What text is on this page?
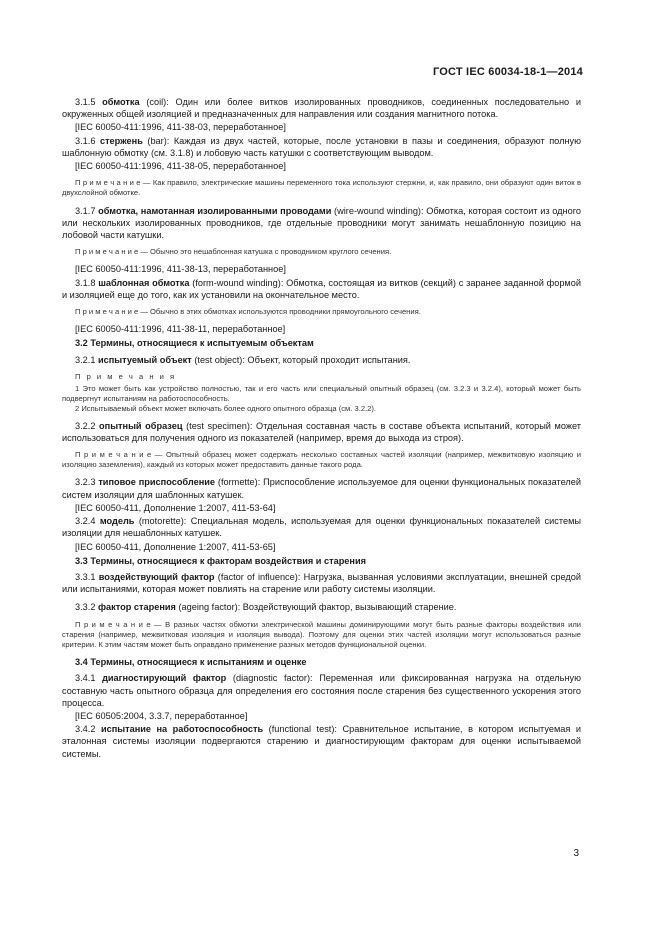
ГОСТ IEC 60034-18-1—2014

3.1.5 обмотка (coil): Один или более витков изолированных проводников, соединенных последовательно и окруженных общей изоляцией и предназначенных для направления или создания магнитного потока.

[IEC 60050-411:1996, 411-38-03, переработанное]

3.1.6 стержень (bar): Каждая из двух частей, которые, после установки в пазы и соединения, образуют полную шаблонную обмотку (см. 3.1.8) и лобовую часть катушки с соответствующим выводом.

[IEC 60050-411:1996, 411-38-05, переработанное]

П р и м е ч а н и е — Как правило, электрические машины переменного тока используют стержни, и, как правило, они образуют один виток в двухслойной обмотке.

3.1.7 обмотка, намотанная изолированными проводами (wire-wound winding): Обмотка, которая состоит из одного или нескольких изолированных проводников, где отдельные проводники могут занимать нешаблонную позицию на лобовой части катушки.

П р и м е ч а н и е — Обычно это нешаблонная катушка с проводником круглого сечения.

[IEC 60050-411:1996, 411-38-13, переработанное]

3.1.8 шаблонная обмотка (form-wound winding): Обмотка, состоящая из витков (секций) с заранее заданной формой и изоляцией еще до того, как их установили на окончательное место.

П р и м е ч а н и е — Обычно в этих обмотках используются проводники прямоугольного сечения.

[IEC 60050-411:1996, 411-38-11, переработанное]

3.2 Термины, относящиеся к испытуемым объектам

3.2.1 испытуемый объект (test object): Объект, который проходит испытания.

П р и м е ч а н и я

1 Это может быть как устройство полностью, так и его часть или специальный опытный образец (см. 3.2.3 и 3.2.4), который может быть подвергнут испытаниям на работоспособность.

2 Испытываемый объект может включать более одного опытного образца (см. 3.2.2).

3.2.2 опытный образец (test specimen): Отдельная составная часть в составе объекта испытаний, который может использоваться для получения одного из показателей (например, время до выхода из строя).

П р и м е ч а н и е — Опытный образец может содержать несколько составных частей изоляции (например, межвитковую изоляцию и изоляцию заземления), каждый из которых может предоставить данные такого рода.

3.2.3 типовое приспособление (formette): Приспособление используемое для оценки функциональных показателей систем изоляции для шаблонных катушек.

[IEC 60050-411, Дополнение 1:2007, 411-53-64]

3.2.4 модель (motorette): Специальная модель, используемая для оценки функциональных показателей системы изоляции для нешаблонных катушек.

[IEC 60050-411, Дополнение 1:2007, 411-53-65]

3.3 Термины, относящиеся к факторам воздействия и старения

3.3.1 воздействующий фактор (factor of influence): Нагрузка, вызванная условиями эксплуатации, внешней средой или испытаниями, которая может повлиять на старение или работу системы изоляции.

3.3.2 фактор старения (ageing factor): Воздействующий фактор, вызывающий старение.

П р и м е ч а н и е — В разных частях обмотки электрической машины доминирующими могут быть разные факторы воздействия или старения (например, межвитковая изоляция и изоляция вывода). Поэтому для оценки этих частей изоляции могут использоваться разные критерии. К этим частям может быть оправдано применение разных методов функциональной оценки.

3.4 Термины, относящиеся к испытаниям и оценке

3.4.1 диагностирующий фактор (diagnostic factor): Переменная или фиксированная нагрузка на отдельную составную часть опытного образца для определения его состояния после старения без существенного ускорения этого процесса.

[IEC 60505:2004, 3.3.7, переработанное]

3.4.2 испытание на работоспособность (functional test): Сравнительное испытание, в котором испытуемая и эталонная системы изоляции подвергаются старению и диагностирующим факторам для оценки испытываемой системы.

3
